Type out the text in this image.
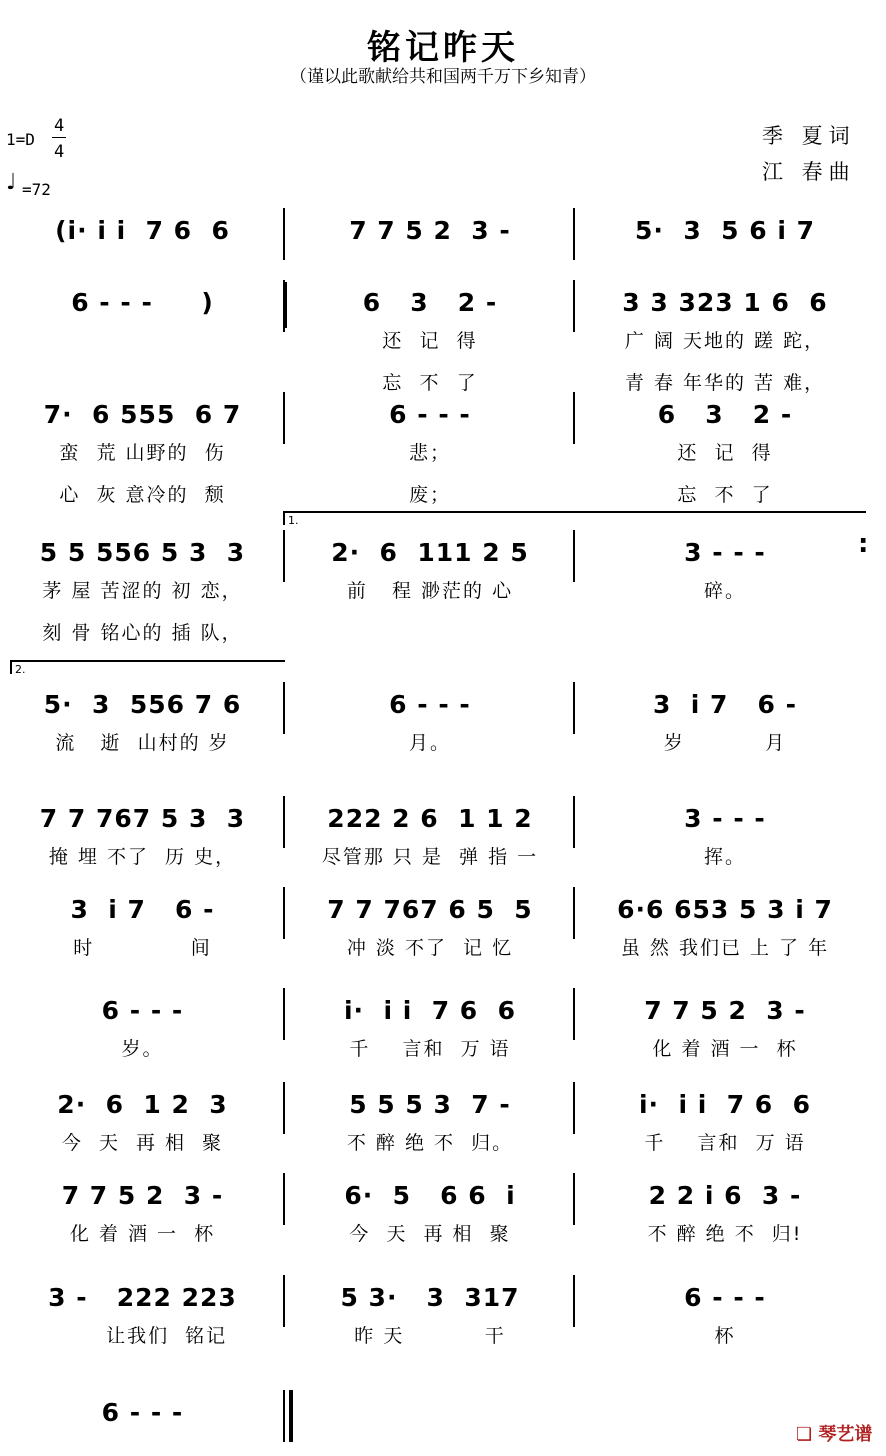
铭记昨天
（谨以此歌献给共和国两千万下乡知青）
1=D
4
4
♩ =72
季 夏词
江 春曲
(i· i i  7 6  6	7 7 5 2  3 -	5·  3  5 6 i 7
6 - - -     )	6   3   2 -
还  记  得
忘  不  了
3 3 323 1 6  6
广 阔 天地的 蹉 跎，
青 春 年华的 苦 难，
7·  6 555  6 7
蛮  荒 山野的  伤
心  灰 意冷的  颓
6 - - -
悲；
废；
6   3   2 -
还  记  得
忘  不  了
5 5 556 5 3  3
茅 屋 苦涩的 初 恋，
刻 骨 铭心的 插 队，
2·  6  111 2 5
前   程 渺茫的 心
3 - - -
碎。
5·  3  556 7 6
流   逝  山村的 岁
6 - - -
月。
3  i 7   6 -
岁          月
7 7 767 5 3  3
掩 埋 不了  历 史，
222 2 6  1 1 2
尽管那 只 是  弹 指 一
3 - - -
挥。
3  i 7   6 -
时            间
7 7 767 6 5  5
冲 淡 不了  记 忆
6·6 653 5 3 i 7
虽 然 我们已 上 了 年
6 - - -
岁。
i·  i i  7 6  6
千    言和  万 语
7 7 5 2  3 -
化 着 酒 一  杯
2·  6  1 2  3
今  天  再 相  聚
5 5 5 3  7 -
不 醉 绝 不  归。
i·  i i  7 6  6
千    言和  万 语
7 7 5 2  3 -
化 着 酒 一  杯
6·  5   6 6  i
今  天  再 相  聚
2 2 i 6  3 -
不 醉 绝 不  归!
3 -   222 223
让我们  铭记
5 3·   3  317
昨 天          干
6 - - -
杯
6 - - -
1.
2.
:
❏ 琴艺谱
